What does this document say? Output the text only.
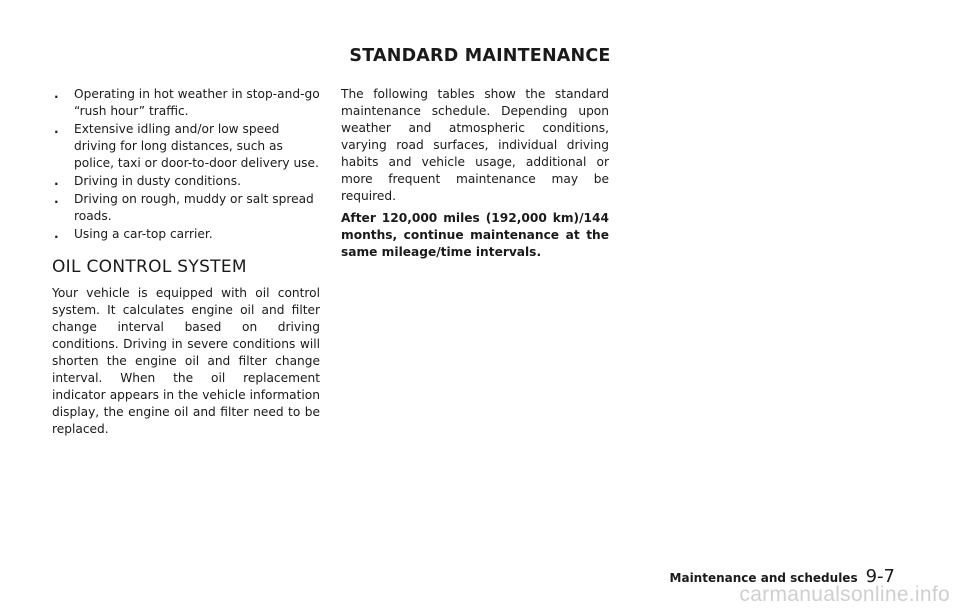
STANDARD MAINTENANCE
. Operating in hot weather in stop-and-go “rush hour” traffic.
. Extensive idling and/or low speed driving for long distances, such as police, taxi or door-to-door delivery use.
. Driving in dusty conditions.
. Driving on rough, muddy or salt spread roads.
. Using a car-top carrier.
OIL CONTROL SYSTEM

Your vehicle is equipped with oil control system. It calculates engine oil and filter change interval based on driving conditions. Driving in severe conditions will shorten the engine oil and filter change interval. When the oil replacement indicator appears in the vehicle information display, the engine oil and filter need to be replaced.

The following tables show the standard maintenance schedule. Depending upon weather and atmospheric conditions, varying road surfaces, individual driving habits and vehicle usage, additional or more frequent maintenance may be required.

After 120,000 miles (192,000 km)/144 months, continue maintenance at the same mileage/time intervals.

Maintenance and schedules 9-7
carmanualsonline.info
